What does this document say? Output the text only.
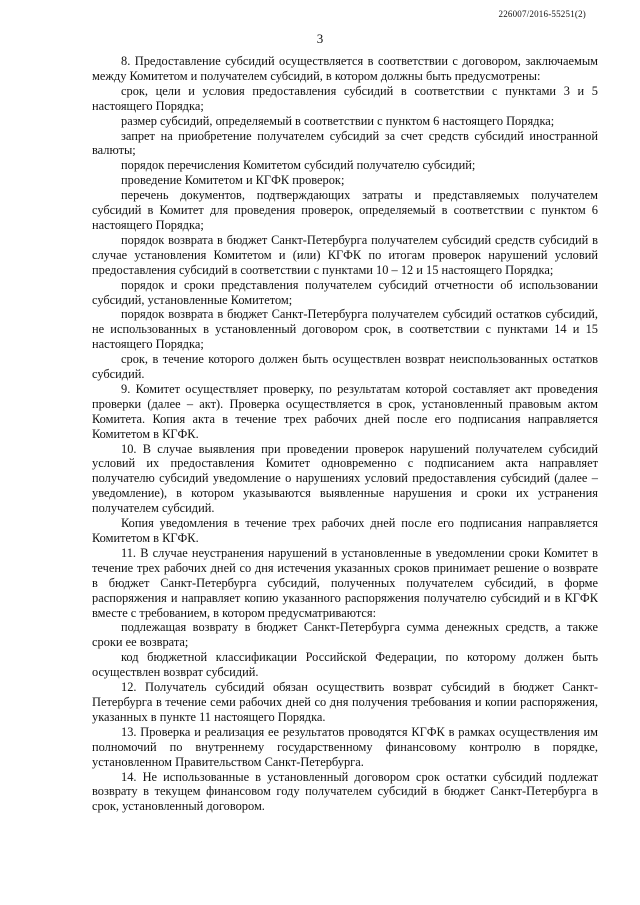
226007/2016-55251(2)
3

8. Предоставление субсидий осуществляется в соответствии с договором, заключаемым между Комитетом и получателем субсидий, в котором должны быть предусмотрены:

срок, цели и условия предоставления субсидий в соответствии с пунктами 3 и 5 настоящего Порядка;

размер субсидий, определяемый в соответствии с пунктом 6 настоящего Порядка;

запрет на приобретение получателем субсидий за счет средств субсидий иностранной валюты;

порядок перечисления Комитетом субсидий получателю субсидий;

проведение Комитетом и КГФК проверок;

перечень документов, подтверждающих затраты и представляемых получателем субсидий в Комитет для проведения проверок, определяемый в соответствии с пунктом 6 настоящего Порядка;

порядок возврата в бюджет Санкт-Петербурга получателем субсидий средств субсидий в случае установления Комитетом и (или) КГФК по итогам проверок нарушений условий предоставления субсидий в соответствии с пунктами 10 – 12 и 15 настоящего Порядка;

порядок и сроки представления получателем субсидий отчетности об использовании субсидий, установленные Комитетом;

порядок возврата в бюджет Санкт-Петербурга получателем субсидий остатков субсидий, не использованных в установленный договором срок, в соответствии с пунктами 14 и 15 настоящего Порядка;

срок, в течение которого должен быть осуществлен возврат неиспользованных остатков субсидий.

9. Комитет осуществляет проверку, по результатам которой составляет акт проведения проверки (далее – акт). Проверка осуществляется в срок, установленный правовым актом Комитета. Копия акта в течение трех рабочих дней после его подписания направляется Комитетом в КГФК.

10. В случае выявления при проведении проверок нарушений получателем субсидий условий их предоставления Комитет одновременно с подписанием акта направляет получателю субсидий уведомление о нарушениях условий предоставления субсидий (далее – уведомление), в котором указываются выявленные нарушения и сроки их устранения получателем субсидий.

Копия уведомления в течение трех рабочих дней после его подписания направляется Комитетом в КГФК.

11. В случае неустранения нарушений в установленные в уведомлении сроки Комитет в течение трех рабочих дней со дня истечения указанных сроков принимает решение о возврате в бюджет Санкт-Петербурга субсидий, полученных получателем субсидий, в форме распоряжения и направляет копию указанного распоряжения получателю субсидий и в КГФК вместе с требованием, в котором предусматриваются:

подлежащая возврату в бюджет Санкт-Петербурга сумма денежных средств, а также сроки ее возврата;

код бюджетной классификации Российской Федерации, по которому должен быть осуществлен возврат субсидий.

12. Получатель субсидий обязан осуществить возврат субсидий в бюджет Санкт-Петербурга в течение семи рабочих дней со дня получения требования и копии распоряжения, указанных в пункте 11 настоящего Порядка.

13. Проверка и реализация ее результатов проводятся КГФК в рамках осуществления им полномочий по внутреннему государственному финансовому контролю в порядке, установленном Правительством Санкт-Петербурга.

14. Не использованные в установленный договором срок остатки субсидий подлежат возврату в текущем финансовом году получателем субсидий в бюджет Санкт-Петербурга в срок, установленный договором.
